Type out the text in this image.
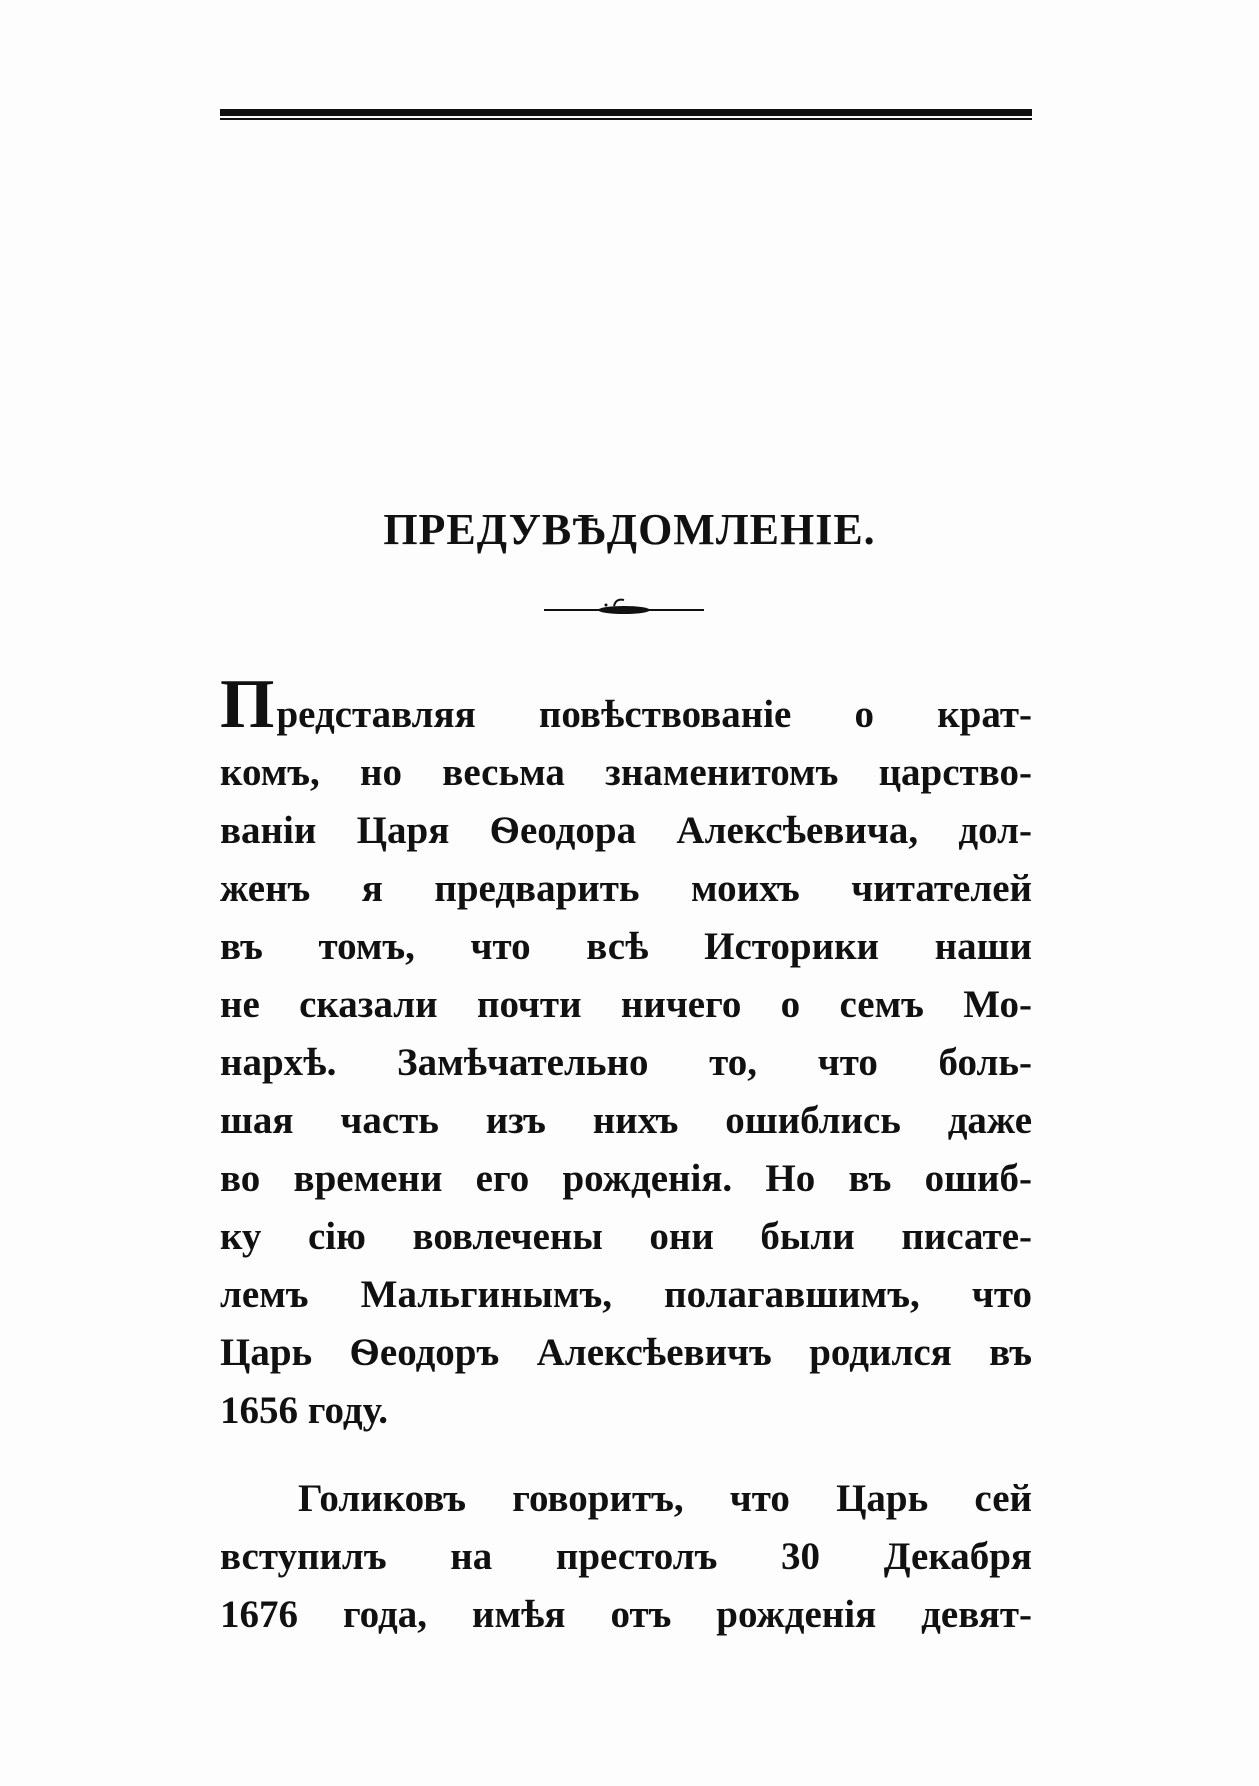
ПРЕДУВѢДОМЛЕНІЕ.
Представляя повѣствованіе о крат-
комъ, но весьма знаменитомъ царство-
ваніи Царя Ѳеодора Алексѣевича, дол-
женъ я предварить моихъ читателей
въ томъ, что всѣ Историки наши
не сказали почти ничего о семъ Мо-
нархѣ. Замѣчательно то, что боль-
шая часть изъ нихъ ошиблись даже
во времени его рожденія. Но въ ошиб-
ку сію вовлечены они были писате-
лемъ Мальгинымъ, полагавшимъ, что
Царь Ѳеодоръ Алексѣевичъ родился въ
1656 году.
Голиковъ говоритъ, что Царь сей
вступилъ на престолъ 30 Декабря
1676 года, имѣя отъ рожденія девят-
